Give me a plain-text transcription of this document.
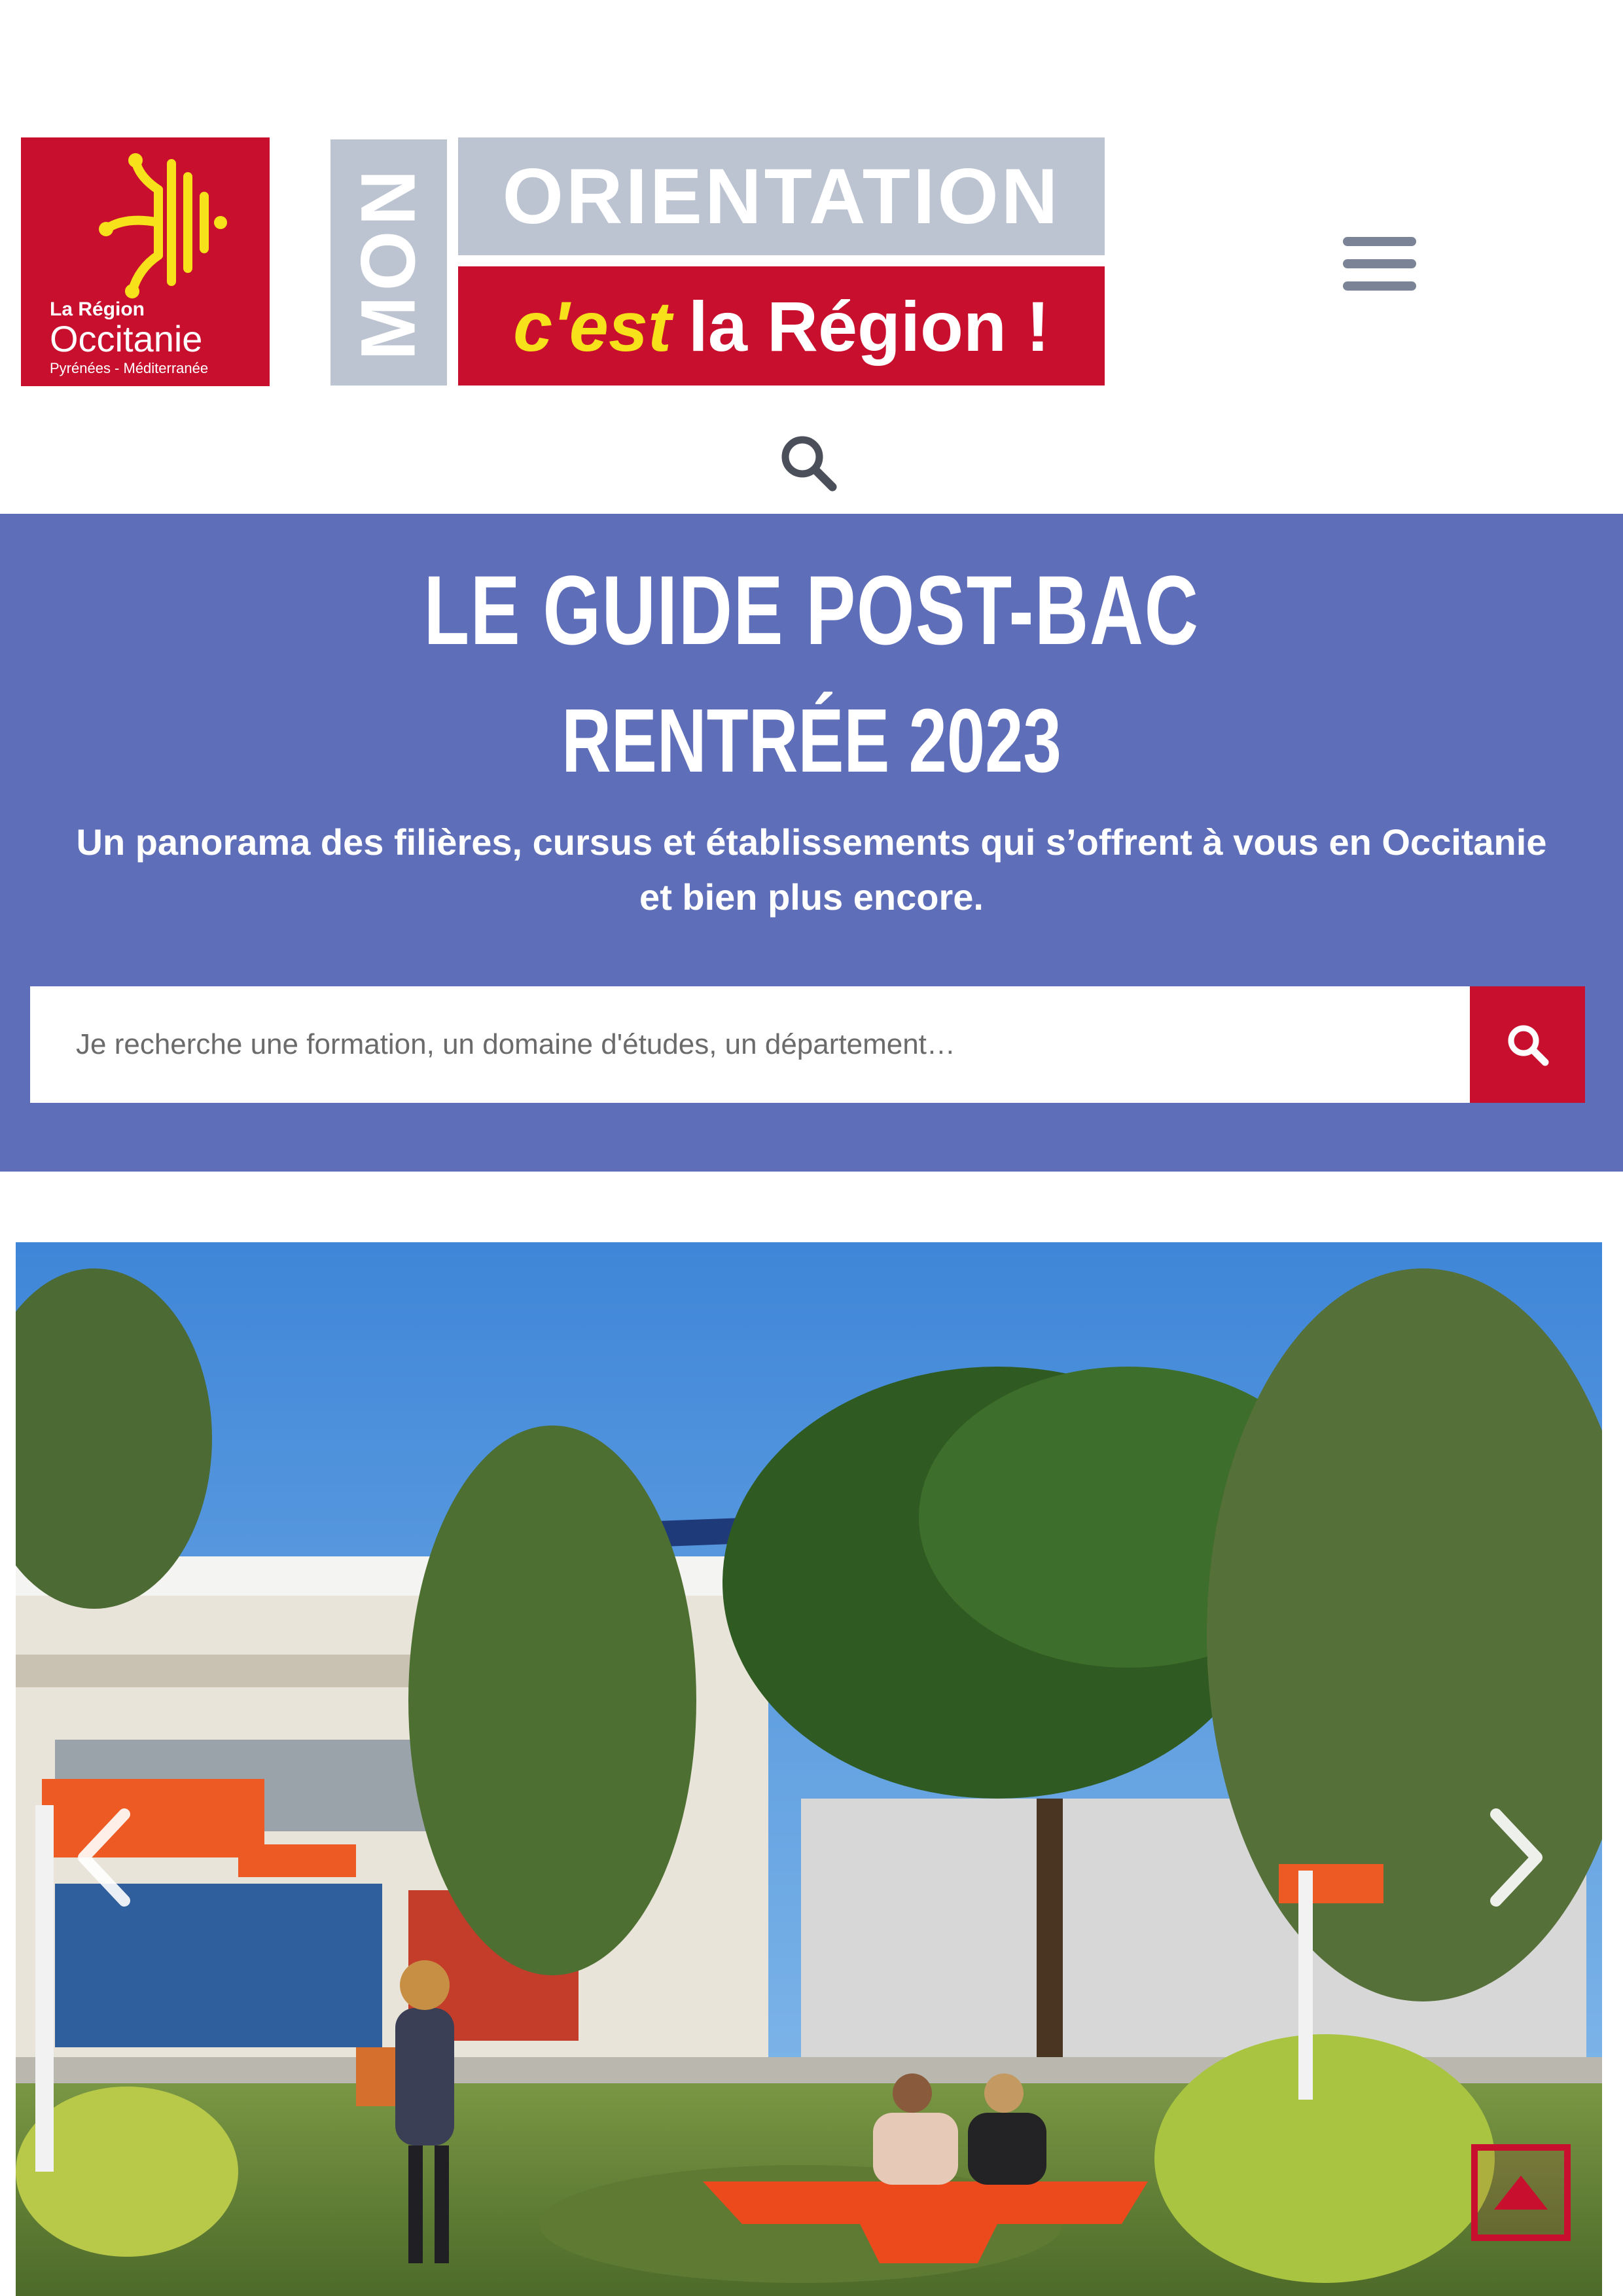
La Région
Occitanie
Pyrénées - Méditerranée
MON ORIENTATION
c'est la Région !
LE GUIDE POST-BAC
RENTRÉE 2023
Un panorama des filières, cursus et établissements qui s’offrent à vous en Occitanie et bien plus encore.
Je recherche une formation, un domaine d'études, un département…
